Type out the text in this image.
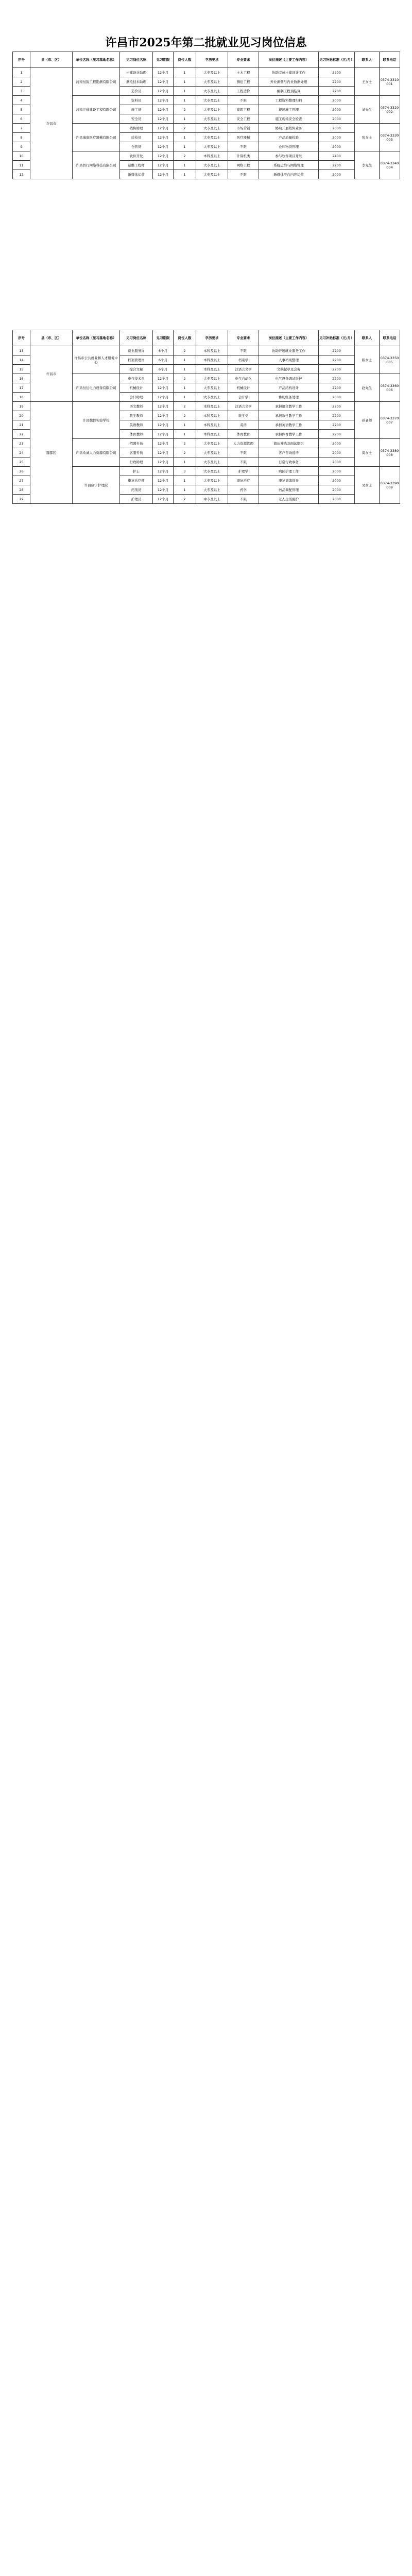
许昌市2025年第二批就业见习岗位信息
序号	县（市、区）	单位名称（见习基地名称）	见习岗位名称	见习期限	岗位人数	学历要求	专业要求	岗位描述（主要工作内容）	见习补贴标准（元/月）	联系人	联系电话
1	许昌市	河南恒锐工程勘测有限公司	土建设计助理	12个月	1	大专及以上	土木工程	协助完成土建设计工作	2200	王女士	0374-3310001
2			测绘技术助理	12个月	1	大专及以上	测绘工程	外业测量与内业数据处理	2200		
3			造价员	12个月	1	大专及以上	工程造价	编制工程预结算	2200		
4		河南汇通建设工程有限公司	资料员	12个月	1	大专及以上	不限	工程资料整理归档	2000	刘先生	0374-3320002
5			施工员	12个月	2	大专及以上	建筑工程	现场施工管理	2000		
6			安全员	12个月	1	大专及以上	安全工程	施工现场安全检查	2000		
7		许昌瑞康医疗器械有限公司	销售助理	12个月	2	大专及以上	市场营销	协助开展销售业务	2000	张女士	0374-3330003
8			质检员	12个月	1	大专及以上	医疗器械	产品质量检验	2000		
9			仓管员	12个月	1	大专及以上	不限	仓库物资管理	2000		
10		许昌智行网络科技有限公司	软件开发	12个月	2	本科及以上	计算机类	参与软件项目开发	2400	李先生	0374-3340004
11			运维工程师	12个月	1	大专及以上	网络工程	系统运维与网络管理	2200		
12			新媒体运营	12个月	1	大专及以上	不限	新媒体平台内容运营	2000		
序号	县（市、区）	单位名称（见习基地名称）	见习岗位名称	见习期限	岗位人数	学历要求	专业要求	岗位描述（主要工作内容）	见习补贴标准（元/月）	联系人	联系电话
13	许昌市	许昌市公共就业和人才服务中心	就业服务岗	6个月	2	本科及以上	不限	协助开展就业服务工作	2200	陈女士	0374-3350005
14			档案管理岗	6个月	1	本科及以上	档案学	人事档案整理	2200		
15			综合文秘	6个月	1	本科及以上	汉语言文学	文稿起草及会务	2200		
16		许昌恒达电力设备有限公司	电气技术员	12个月	2	大专及以上	电气自动化	电气设备调试维护	2200	赵先生	0374-3360006
17			机械设计	12个月	1	大专及以上	机械设计	产品结构设计	2200		
18			会计助理	12个月	1	大专及以上	会计学	协助账务处理	2000		
19	魏都区	许昌魏都实验学校	语文教师	12个月	2	本科及以上	汉语言文学	承担语文教学工作	2200	孙老师	0374-3370007
20			数学教师	12个月	2	本科及以上	数学类	承担数学教学工作	2200		
21			英语教师	12个月	1	本科及以上	英语	承担英语教学工作	2200		
22			体育教师	12个月	1	本科及以上	体育教育	承担体育教学工作	2200		
23		许昌众诚人力资源有限公司	招聘专员	12个月	2	大专及以上	人力资源管理	简历筛选及面试组织	2000	周女士	0374-3380008
24			客服专员	12个月	2	大专及以上	不限	客户咨询接待	2000		
25			行政助理	12个月	1	大专及以上	不限	日常行政事务	2000		
26		许昌康宁护理院	护士	12个月	3	大专及以上	护理学	病区护理工作	2000	吴女士	0374-3390009
27			康复治疗师	12个月	1	大专及以上	康复治疗	康复训练指导	2000		
28			药剂员	12个月	1	大专及以上	药学	药品调配管理	2000		
29			护理员	12个月	2	中专及以上	不限	老人生活照护	2000		
